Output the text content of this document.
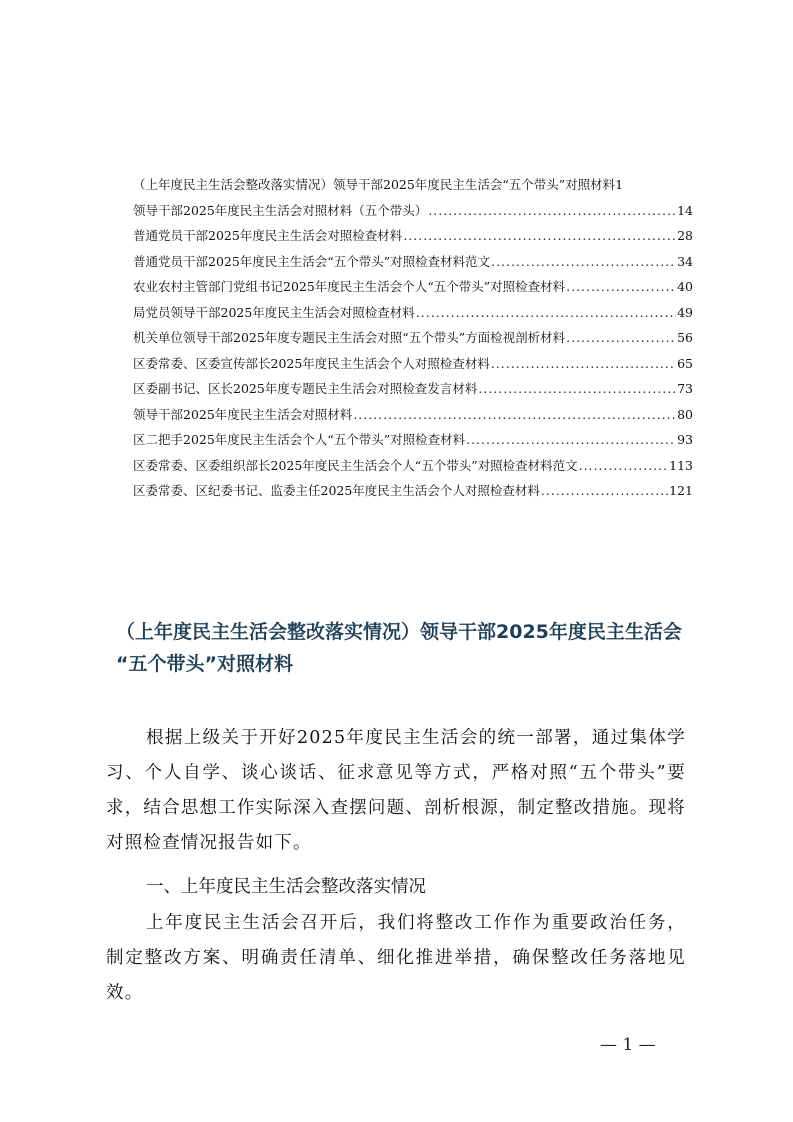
（上年度民主生活会整改落实情况）领导干部2025年度民主生活会“五个带头”对照材料 1
领导干部2025年度民主生活会对照材料（五个带头） .....	14
普通党员干部2025年度民主生活会对照检查材料 .....	28
普通党员干部2025年度民主生活会“五个带头”对照检查材料范文 .....	34
农业农村主管部门党组书记2025年度民主生活会个人“五个带头”对照检查材料 .....	40
局党员领导干部2025年度民主生活会对照检查材料 .....	49
机关单位领导干部2025年度专题民主生活会对照“五个带头”方面检视剖析材料 .....	56
区委常委、区委宣传部长2025年度民主生活会个人对照检查材料 .....	65
区委副书记、区长2025年度专题民主生活会对照检查发言材料 .....	73
领导干部2025年度民主生活会对照材料 .....	80
区二把手2025年度民主生活会个人“五个带头”对照检查材料 .....	93
区委常委、区委组织部长2025年度民主生活会个人“五个带头”对照检查材料范文 .....	113
区委常委、区纪委书记、监委主任2025年度民主生活会个人对照检查材料 .....	121
（上年度民主生活会整改落实情况）领导干部2025年度民主生活会
“五个带头”对照材料
根据上级关于开好2025年度民主生活会的统一部署，通过集体学习、个人自学、谈心谈话、征求意见等方式，严格对照“五个带头”要求，结合思想工作实际深入查摆问题、剖析根源，制定整改措施。现将对照检查情况报告如下。
一、上年度民主生活会整改落实情况
上年度民主生活会召开后，我们将整改工作作为重要政治任务，制定整改方案、明确责任清单、细化推进举措，确保整改任务落地见效。
— 1 —
